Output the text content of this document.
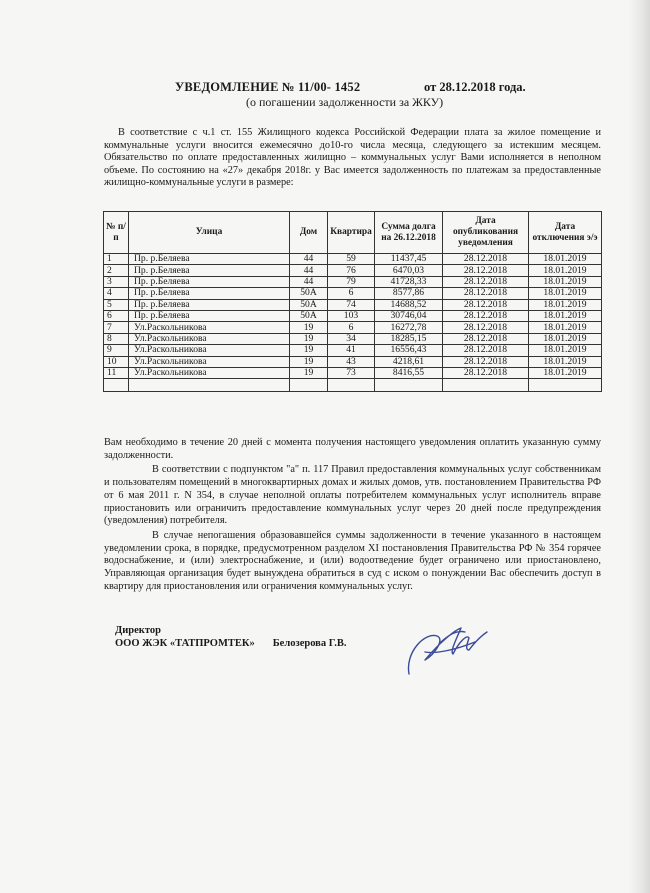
УВЕДОМЛЕНИЕ № 11/00- 1452	от 28.12.2018 года.
(о погашении задолженности за ЖКУ)

В соответствие с ч.1 ст. 155 Жилищного кодекса Российской Федерации плата за жилое помещение и коммунальные услуги вносится ежемесячно до10-го числа месяца, следующего за истекшим месяцем. Обязательство по оплате предоставленных жилищно – коммунальных услуг Вами исполняется в неполном объеме. По состоянию на «27» декабря 2018г. у Вас имеется задолженность по платежам за предоставленные жилищно-коммунальные услуги в размере:

№ п/п	Улица	Дом	Квартира	Сумма долга на 26.12.2018	Дата опубликования уведомления	Дата отключения э/э
1	Пр. р.Беляева	44	59	11437,45	28.12.2018	18.01.2019
2	Пр. р.Беляева	44	76	6470,03	28.12.2018	18.01.2019
3	Пр. р.Беляева	44	79	41728,33	28.12.2018	18.01.2019
4	Пр. р.Беляева	50А	6	8577,86	28.12.2018	18.01.2019
5	Пр. р.Беляева	50А	74	14688,52	28.12.2018	18.01.2019
6	Пр. р.Беляева	50А	103	30746,04	28.12.2018	18.01.2019
7	Ул.Раскольникова	19	6	16272,78	28.12.2018	18.01.2019
8	Ул.Раскольникова	19	34	18285,15	28.12.2018	18.01.2019
9	Ул.Раскольникова	19	41	16556,43	28.12.2018	18.01.2019
10	Ул.Раскольникова	19	43	4218,61	28.12.2018	18.01.2019
11	Ул.Раскольникова	19	73	8416,55	28.12.2018	18.01.2019

Вам необходимо в течение 20 дней с момента получения настоящего уведомления оплатить указанную сумму задолженности.

В соответствии с подпунктом "а" п. 117 Правил предоставления коммунальных услуг собственникам и пользователям помещений в многоквартирных домах и жилых домов, утв. постановлением Правительства РФ от 6 мая 2011 г. N 354, в случае неполной оплаты потребителем коммунальных услуг исполнитель вправе приостановить или ограничить предоставление коммунальных услуг через 20 дней после предупреждения (уведомления) потребителя.

В случае непогашения образовавшейся суммы задолженности в течение указанного в настоящем уведомлении срока, в порядке, предусмотренном разделом XI постановления Правительства РФ № 354 горячее водоснабжение, и (или) электроснабжение, и (или) водоотведение будет ограничено или приостановлено, Управляющая организация будет вынуждена обратиться в суд с иском о понуждении Вас обеспечить доступ в квартиру для приостановления или ограничения коммунальных услуг.

Директор
ООО ЖЭК «ТАТПРОМТЕК» Белозерова Г.В.
